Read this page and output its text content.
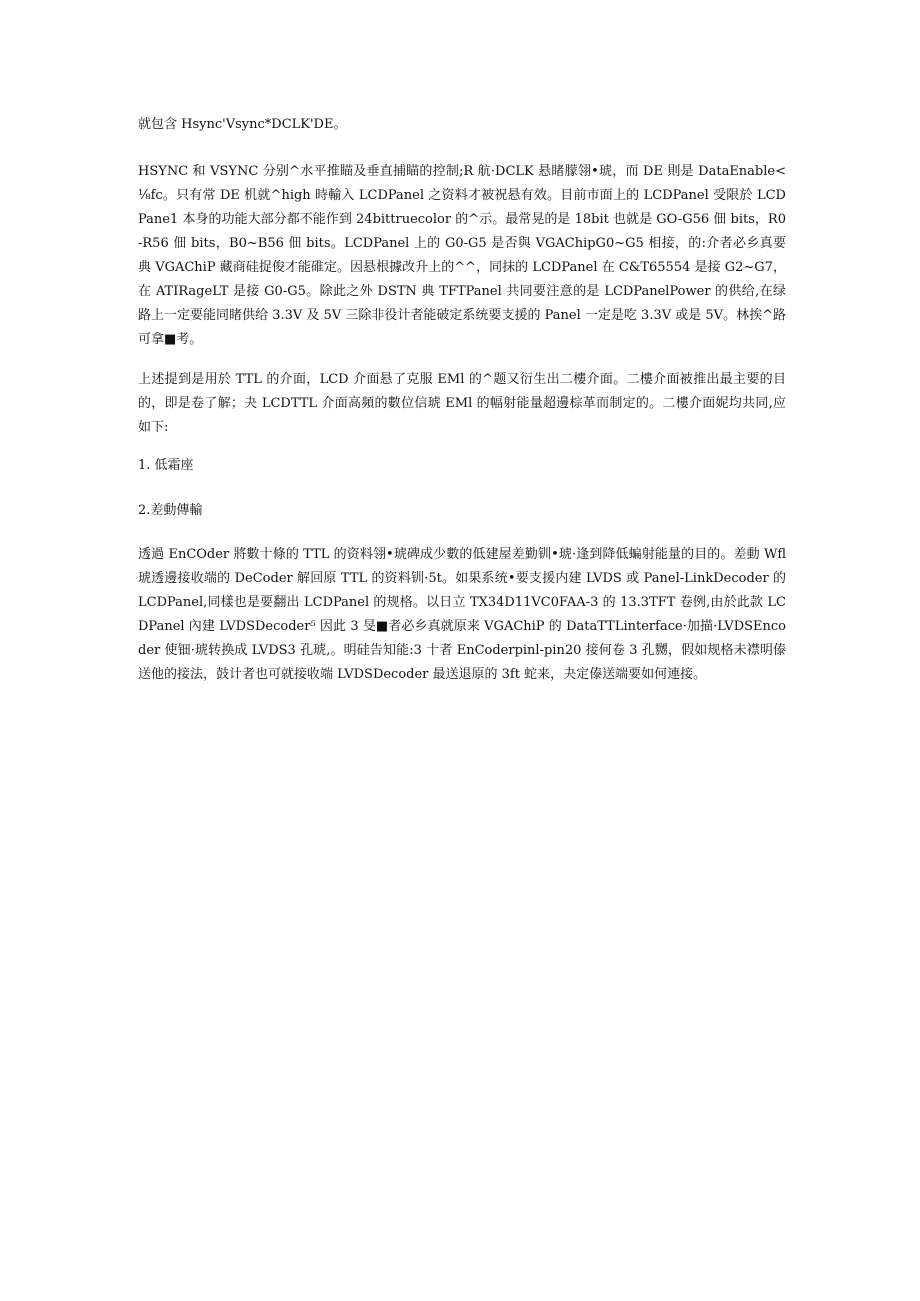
就包含 Hsync'Vsync*DCLK'DE。

HSYNC 和 VSYNC 分别^水平推瞄及垂直捕瞄的控制;R 航·DCLK 悬睹朦翎•琥，而 DE 則是 DataEnable<⅛fc。只有常 DE 机就^high 時輸入 LCDPanel 之资料才被祝悬有效。目前市面上的 LCDPanel 受限於 LCDPane1 本身的功能大部分都不能作到 24bittruecolor 的^示。最常晃的是 18bit 也就是 GO-G56 佃 bits，R0-R56 佃 bits，B0~B56 佃 bits。LCDPanel 上的 G0-G5 是否與 VGAChipG0~G5 相接，的:介者必乡真要典 VGAChiP 藏商硅捉俊才能碓定。因悬根據改升上的^^，同抹的 LCDPanel 在 C&T65554 是接 G2~G7，在 ATIRageLT 是接 G0-G5。除此之外 DSTN 典 TFTPanel 共同要注意的是 LCDPanelPower 的供给,在绿路上一定要能同睹供给 3.3V 及 5V 三除非役计者能破定系统要支援的 Panel 一定是吃 3.3V 或是 5V。林挨^路可拿■考。

上述提到是用於 TTL 的介面，LCD 介面悬了克服 EMl 的^题又衍生出二樓介面。二樓介面被推出最主要的目的，即是卷了解；夬 LCDTTL 介面高頻的數位信琥 EMl 的幅射能量超邊棕革而制定的。二樓介面妮均共同,应如下:

1. 低霜座

2.差動傳輸

透過 EnCOder 將數十條的 TTL 的资料翎•琥碑成少數的低建屋差勤钏•琥·逢到降低蝙射能量的目的。差動 Wfl 琥透邊接收端的 DeCoder 解回原 TTL 的资料钏·5t。如果系统•要支援内建 LVDS 或 Panel-LinkDecoder 的 LCDPanel,同樣也是要翻出 LCDPanel 的规格。以日立 TX34D11VC0FAA-3 的 13.3TFT 卷例,由於此款 LCDPanel 內建 LVDSDecoder⁵ 因此 3 旻■者必乡真就原来 VGAChiP 的 DataTTLinterface·加描·LVDSEncoder 使钿·琥转换成 LVDS3 孔琥,。明硅告知能:3 十者 EnCoderpinl-pin20 接何卷 3 孔嬲，假如规格未襟明傣送他的接法，鼓计者也可就接收端 LVDSDecoder 最送退原的 3ft 蛇来，夬定傣送端要如何連接。
